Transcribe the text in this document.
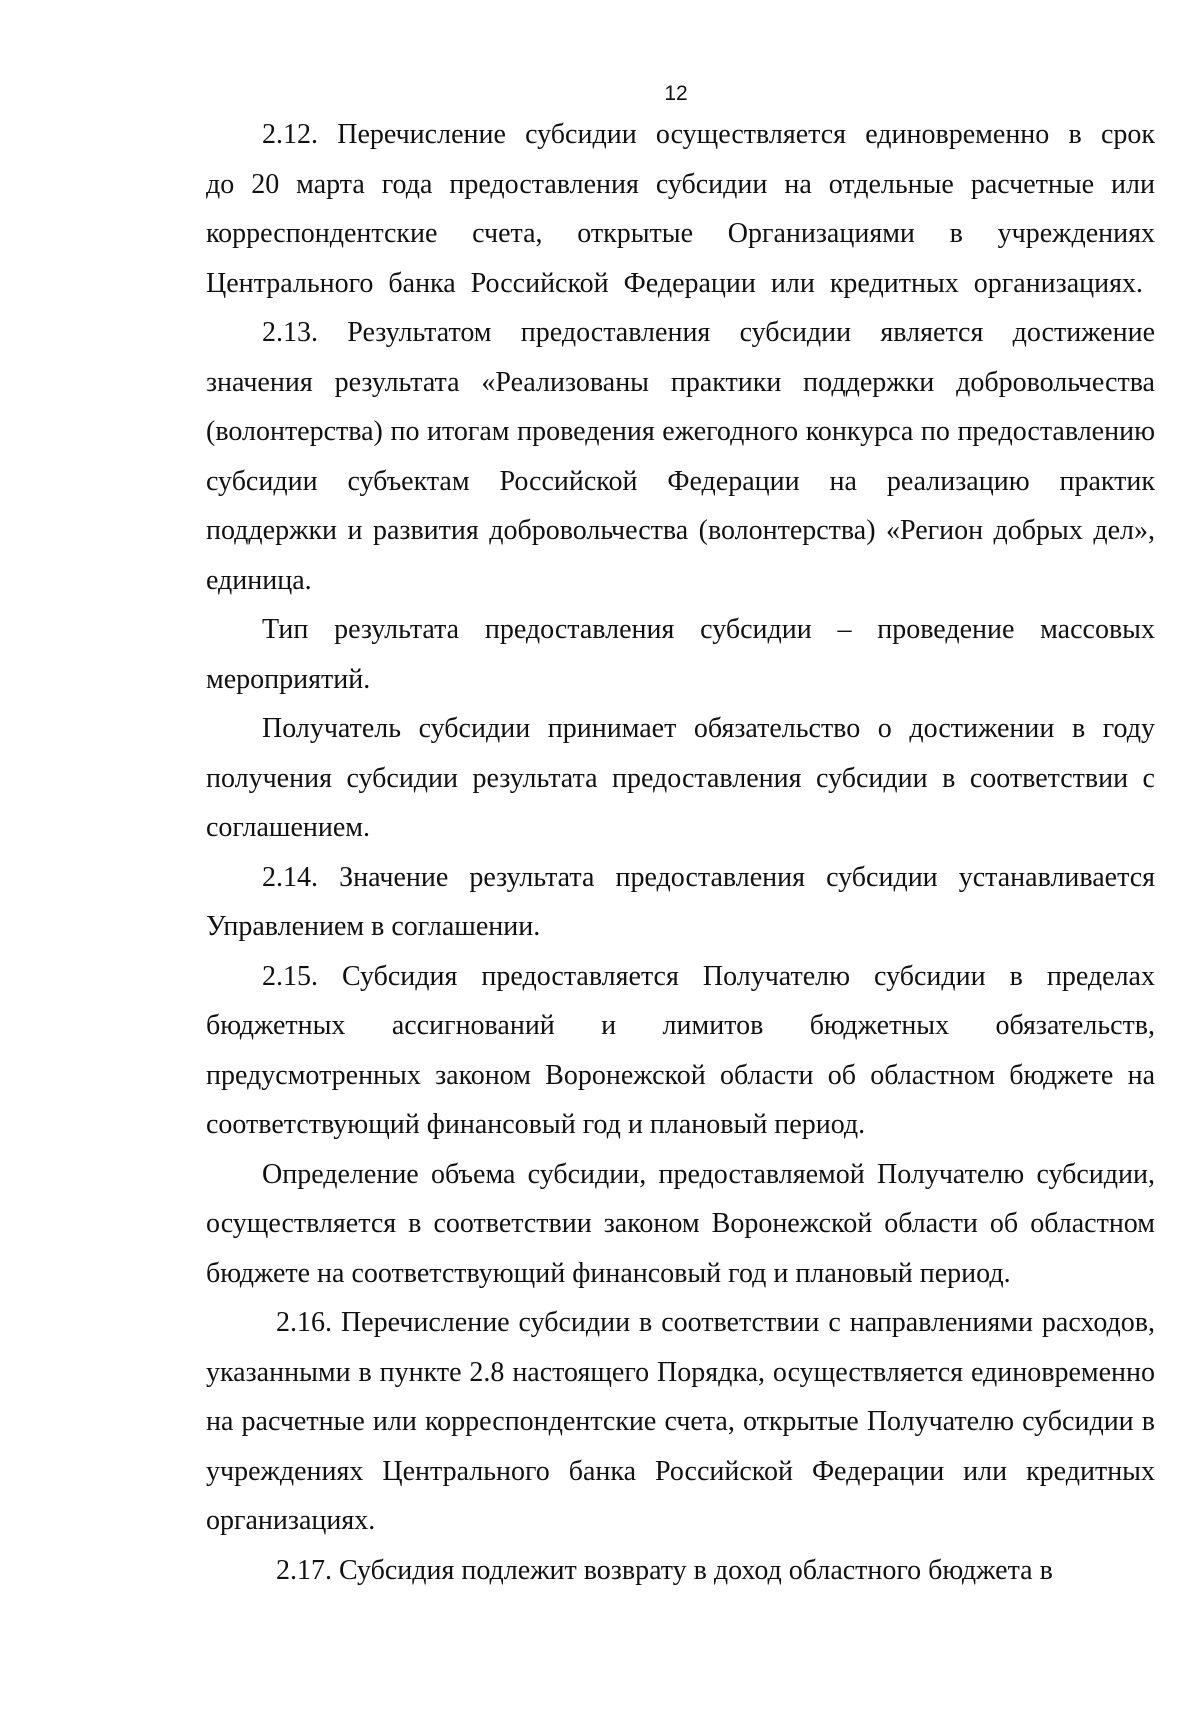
12

2.12. Перечисление субсидии осуществляется единовременно в срок до 20 марта года предоставления субсидии на отдельные расчетные или корреспондентские счета, открытые Организациями в учреждениях Центрального банка Российской Федерации или кредитных организациях.

2.13. Результатом предоставления субсидии является достижение значения результата «Реализованы практики поддержки добровольчества (волонтерства) по итогам проведения ежегодного конкурса по предоставлению субсидии субъектам Российской Федерации на реализацию практик поддержки и развития добровольчества (волонтерства) «Регион добрых дел», единица.

Тип результата предоставления субсидии – проведение массовых мероприятий.

Получатель субсидии принимает обязательство о достижении в году получения субсидии результата предоставления субсидии в соответствии с соглашением.

2.14. Значение результата предоставления субсидии устанавливается Управлением в соглашении.

2.15. Субсидия предоставляется Получателю субсидии в пределах бюджетных ассигнований и лимитов бюджетных обязательств, предусмотренных законом Воронежской области об областном бюджете на соответствующий финансовый год и плановый период.

Определение объема субсидии, предоставляемой Получателю субсидии, осуществляется в соответствии законом Воронежской области об областном бюджете на соответствующий финансовый год и плановый период.

2.16. Перечисление субсидии в соответствии с направлениями расходов, указанными в пункте 2.8 настоящего Порядка, осуществляется единовременно на расчетные или корреспондентские счета, открытые Получателю субсидии в учреждениях Центрального банка Российской Федерации или кредитных организациях.

2.17. Субсидия подлежит возврату в доход областного бюджета в
